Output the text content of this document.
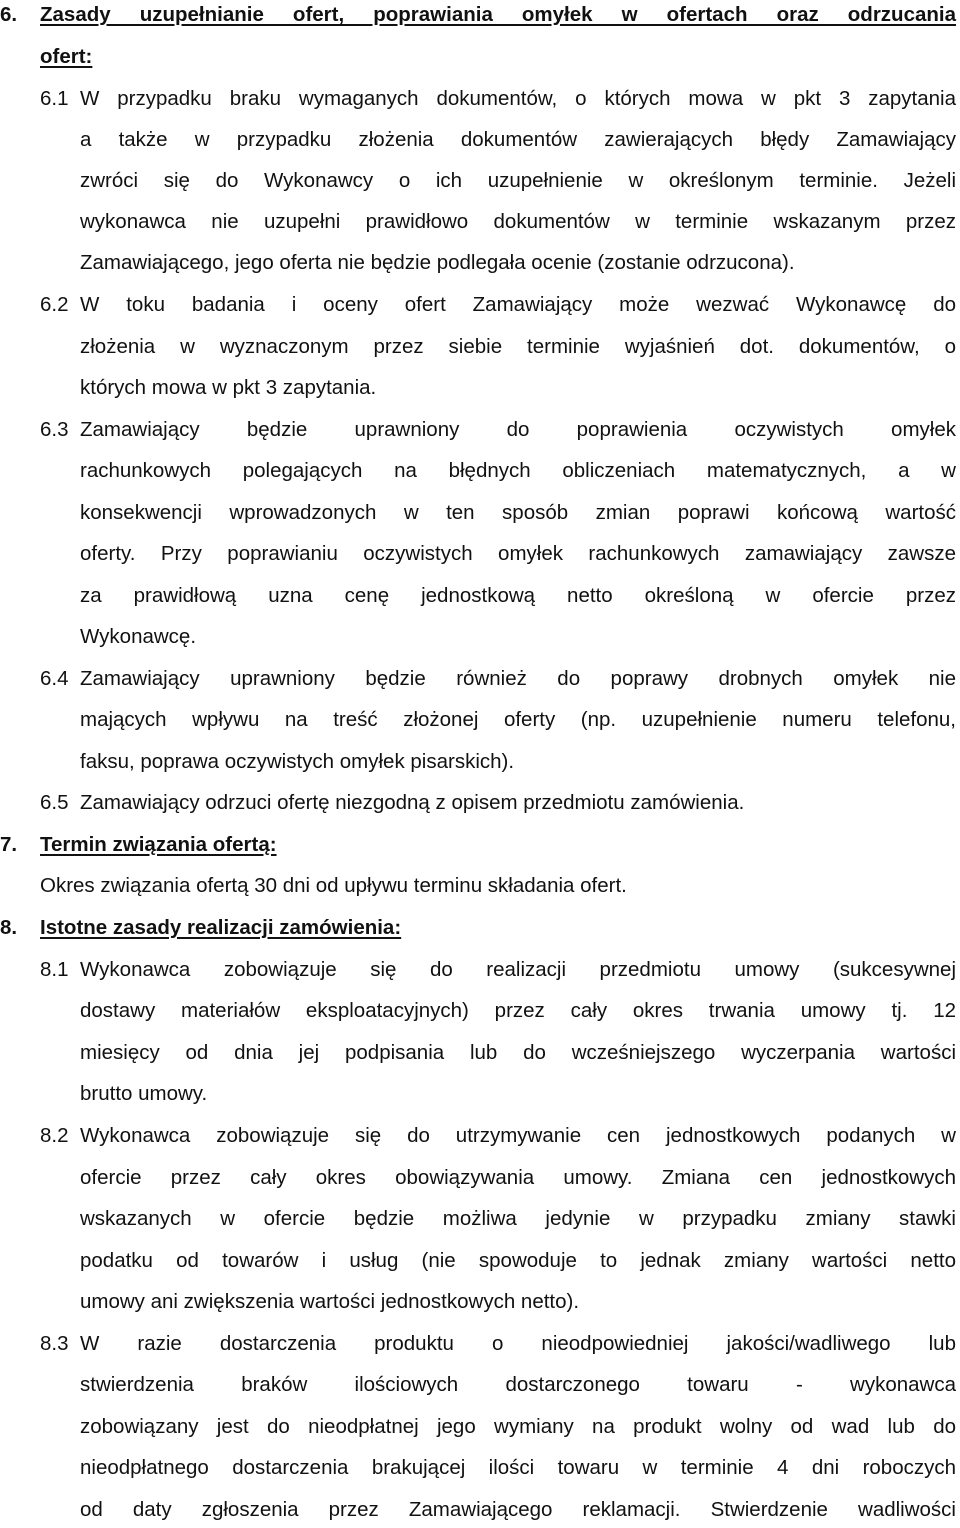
6. Zasady uzupełnianie ofert, poprawiania omyłek w ofertach oraz odrzucania
ofert:
6.1 W przypadku braku wymaganych dokumentów, o których mowa w pkt 3 zapytania
a także w przypadku złożenia dokumentów zawierających błędy Zamawiający
zwróci się do Wykonawcy o ich uzupełnienie w określonym terminie. Jeżeli
wykonawca nie uzupełni prawidłowo dokumentów w terminie wskazanym przez
Zamawiającego, jego oferta nie będzie podlegała ocenie (zostanie odrzucona).
6.2 W toku badania i oceny ofert Zamawiający może wezwać Wykonawcę do
złożenia w wyznaczonym przez siebie terminie wyjaśnień dot. dokumentów, o
których mowa w pkt 3 zapytania.
6.3 Zamawiający będzie uprawniony do poprawienia oczywistych omyłek
rachunkowych polegających na błędnych obliczeniach matematycznych, a w
konsekwencji wprowadzonych w ten sposób zmian poprawi końcową wartość
oferty. Przy poprawianiu oczywistych omyłek rachunkowych zamawiający zawsze
za prawidłową uzna cenę jednostkową netto określoną w ofercie przez
Wykonawcę.
6.4 Zamawiający uprawniony będzie również do poprawy drobnych omyłek nie
mających wpływu na treść złożonej oferty (np. uzupełnienie numeru telefonu,
faksu, poprawa oczywistych omyłek pisarskich).
6.5 Zamawiający odrzuci ofertę niezgodną z opisem przedmiotu zamówienia.
7. Termin związania ofertą:
Okres związania ofertą 30 dni od upływu terminu składania ofert.
8. Istotne zasady realizacji zamówienia:
8.1 Wykonawca zobowiązuje się do realizacji przedmiotu umowy (sukcesywnej
dostawy materiałów eksploatacyjnych) przez cały okres trwania umowy tj. 12
miesięcy od dnia jej podpisania lub do wcześniejszego wyczerpania wartości
brutto umowy.
8.2 Wykonawca zobowiązuje się do utrzymywanie cen jednostkowych podanych w
ofercie przez cały okres obowiązywania umowy. Zmiana cen jednostkowych
wskazanych w ofercie będzie możliwa jedynie w przypadku zmiany stawki
podatku od towarów i usług (nie spowoduje to jednak zmiany wartości netto
umowy ani zwiększenia wartości jednostkowych netto).
8.3 W razie dostarczenia produktu o nieodpowiedniej jakości/wadliwego lub
stwierdzenia braków ilościowych dostarczonego towaru - wykonawca
zobowiązany jest do nieodpłatnej jego wymiany na produkt wolny od wad lub do
nieodpłatnego dostarczenia brakującej ilości towaru w terminie 4 dni roboczych
od daty zgłoszenia przez Zamawiającego reklamacji. Stwierdzenie wadliwości
